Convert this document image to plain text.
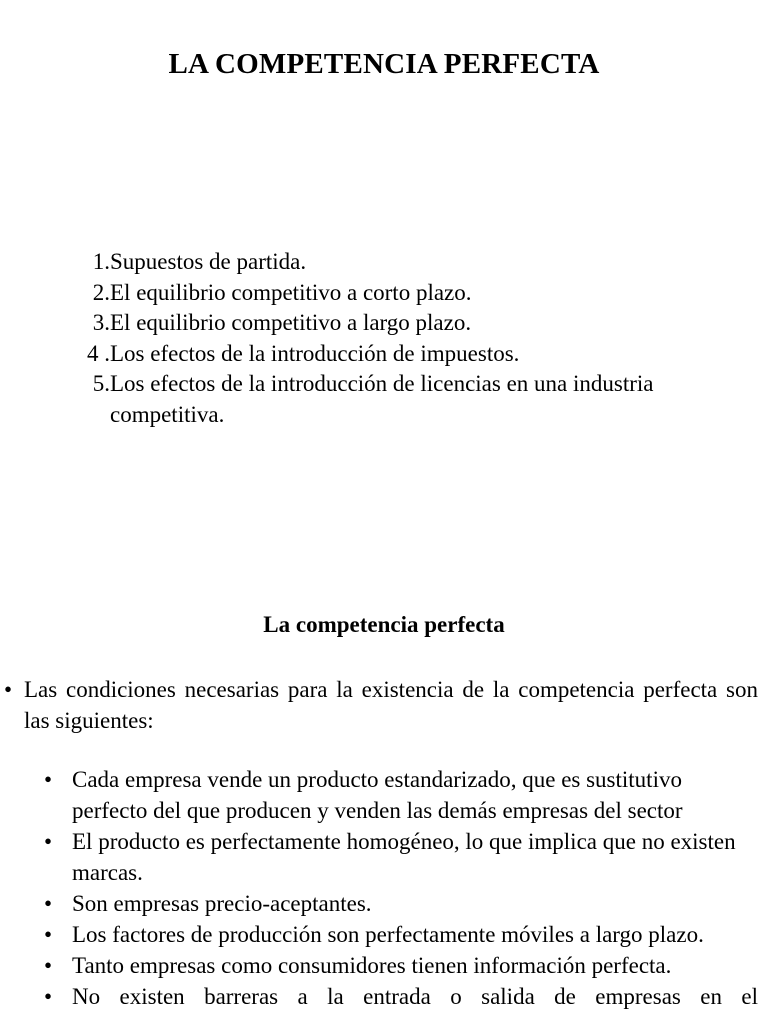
LA COMPETENCIA PERFECTA
1. Supuestos de partida.
2. El equilibrio competitivo a corto plazo.
3. El equilibrio competitivo a largo plazo.
4 . Los efectos de la introducción de impuestos.
5. Los efectos de la introducción de licencias en una industria competitiva.
La competencia perfecta
• Las condiciones necesarias para la existencia de la competencia perfecta son las siguientes:
• Cada empresa vende un producto estandarizado, que es sustitutivo perfecto del que producen y venden las demás empresas del sector
• El producto es perfectamente homogéneo, lo que implica que no existen marcas.
• Son empresas precio-aceptantes.
• Los factores de producción son perfectamente móviles a largo plazo.
• Tanto empresas como consumidores tienen información perfecta.
• No existen barreras a la entrada o salida de empresas en el
